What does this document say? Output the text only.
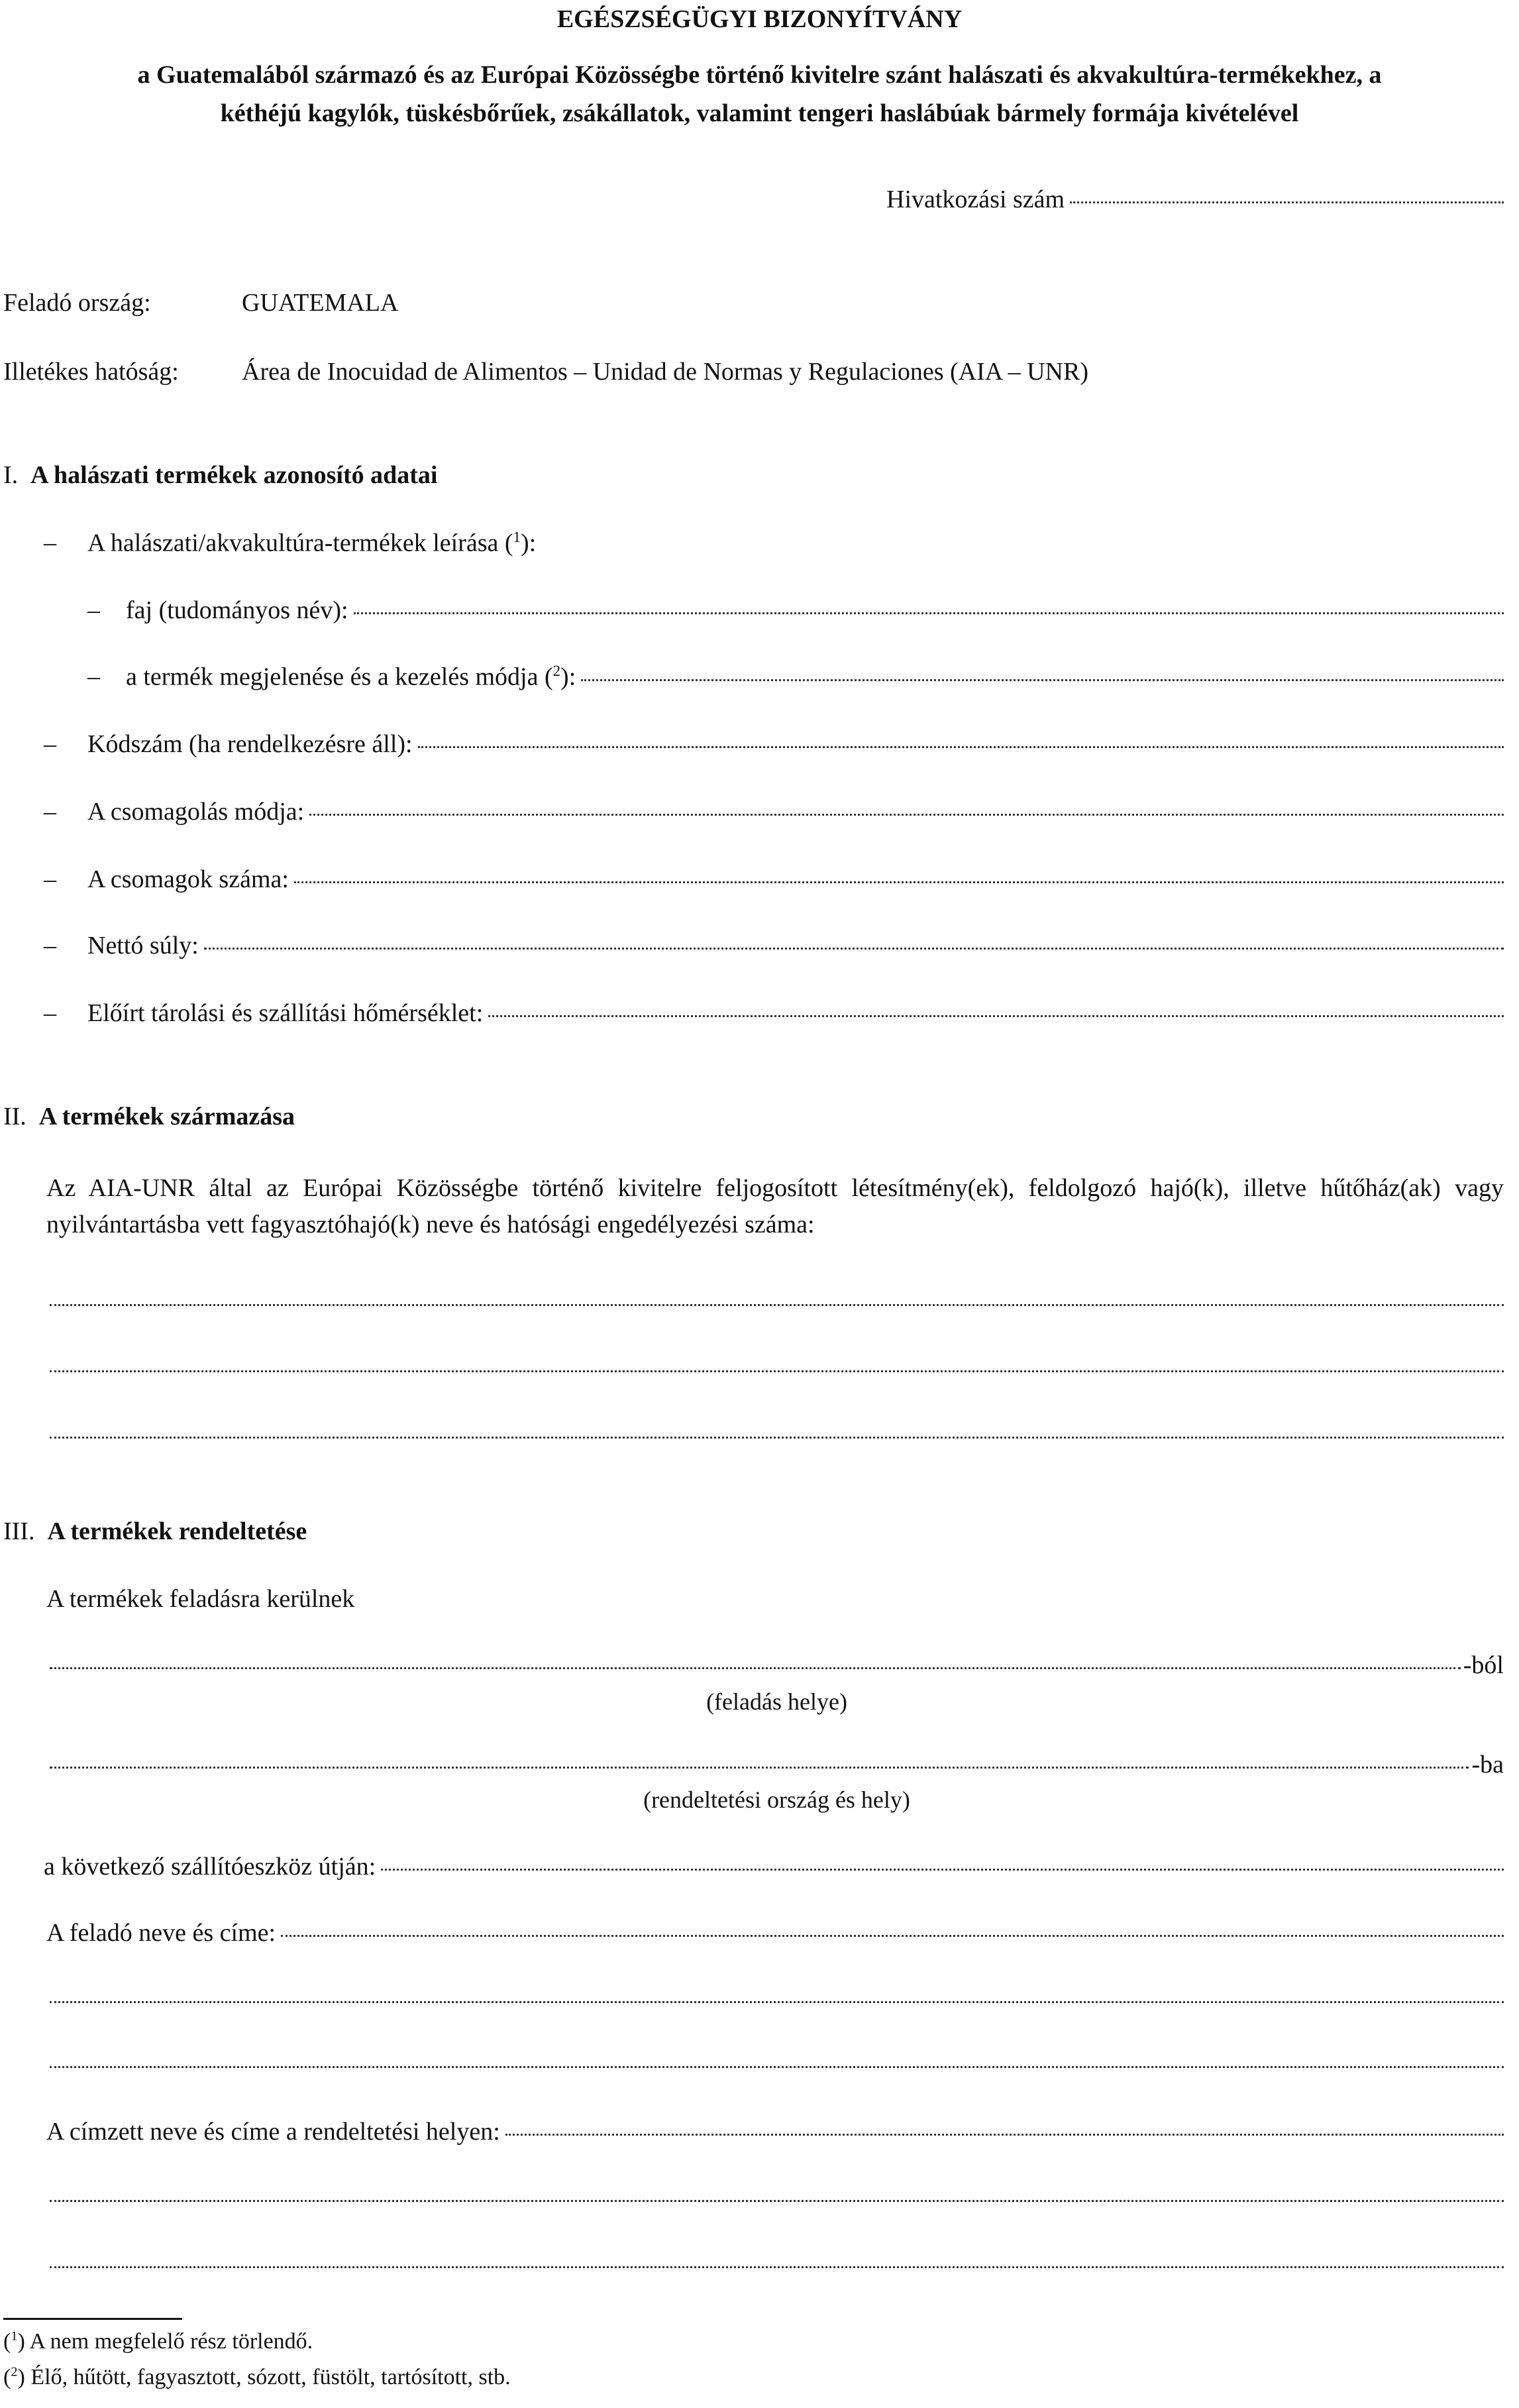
EGÉSZSÉGÜGYI BIZONYÍTVÁNY
a Guatemalából származó és az Európai Közösségbe történő kivitelre szánt halászati és akvakultúra-termékekhez, a
kéthéjú kagylók, tüskésbőrűek, zsákállatok, valamint tengeri haslábúak bármely formája kivételével
Hivatkozási szám
Feladó ország:	GUATEMALA
Illetékes hatóság:	Área de Inocuidad de Alimentos – Unidad de Normas y Regulaciones (AIA – UNR)
I. A halászati termékek azonosító adatai
– A halászati/akvakultúra-termékek leírása ($^1$):
– faj (tudományos név):
– a termék megjelenése és a kezelés módja ($^2$):
– Kódszám (ha rendelkezésre áll):
– A csomagolás módja:
– A csomagok száma:
– Nettó súly:
– Előírt tárolási és szállítási hőmérséklet:
II. A termékek származása
Az AIA-UNR által az Európai Közösségbe történő kivitelre feljogosított létesítmény(ek), feldolgozó hajó(k), illetve hűtőház(ak) vagy nyilvántartásba vett fagyasztóhajó(k) neve és hatósági engedélyezési száma:
III. A termékek rendeltetése
A termékek feladásra kerülnek
-ból
(feladás helye)
-ba
(rendeltetési ország és hely)
a következő szállítóeszköz útján:
A feladó neve és címe:
A címzett neve és címe a rendeltetési helyen:
($^1$) A nem megfelelő rész törlendő.
($^2$) Élő, hűtött, fagyasztott, sózott, füstölt, tartósított, stb.
